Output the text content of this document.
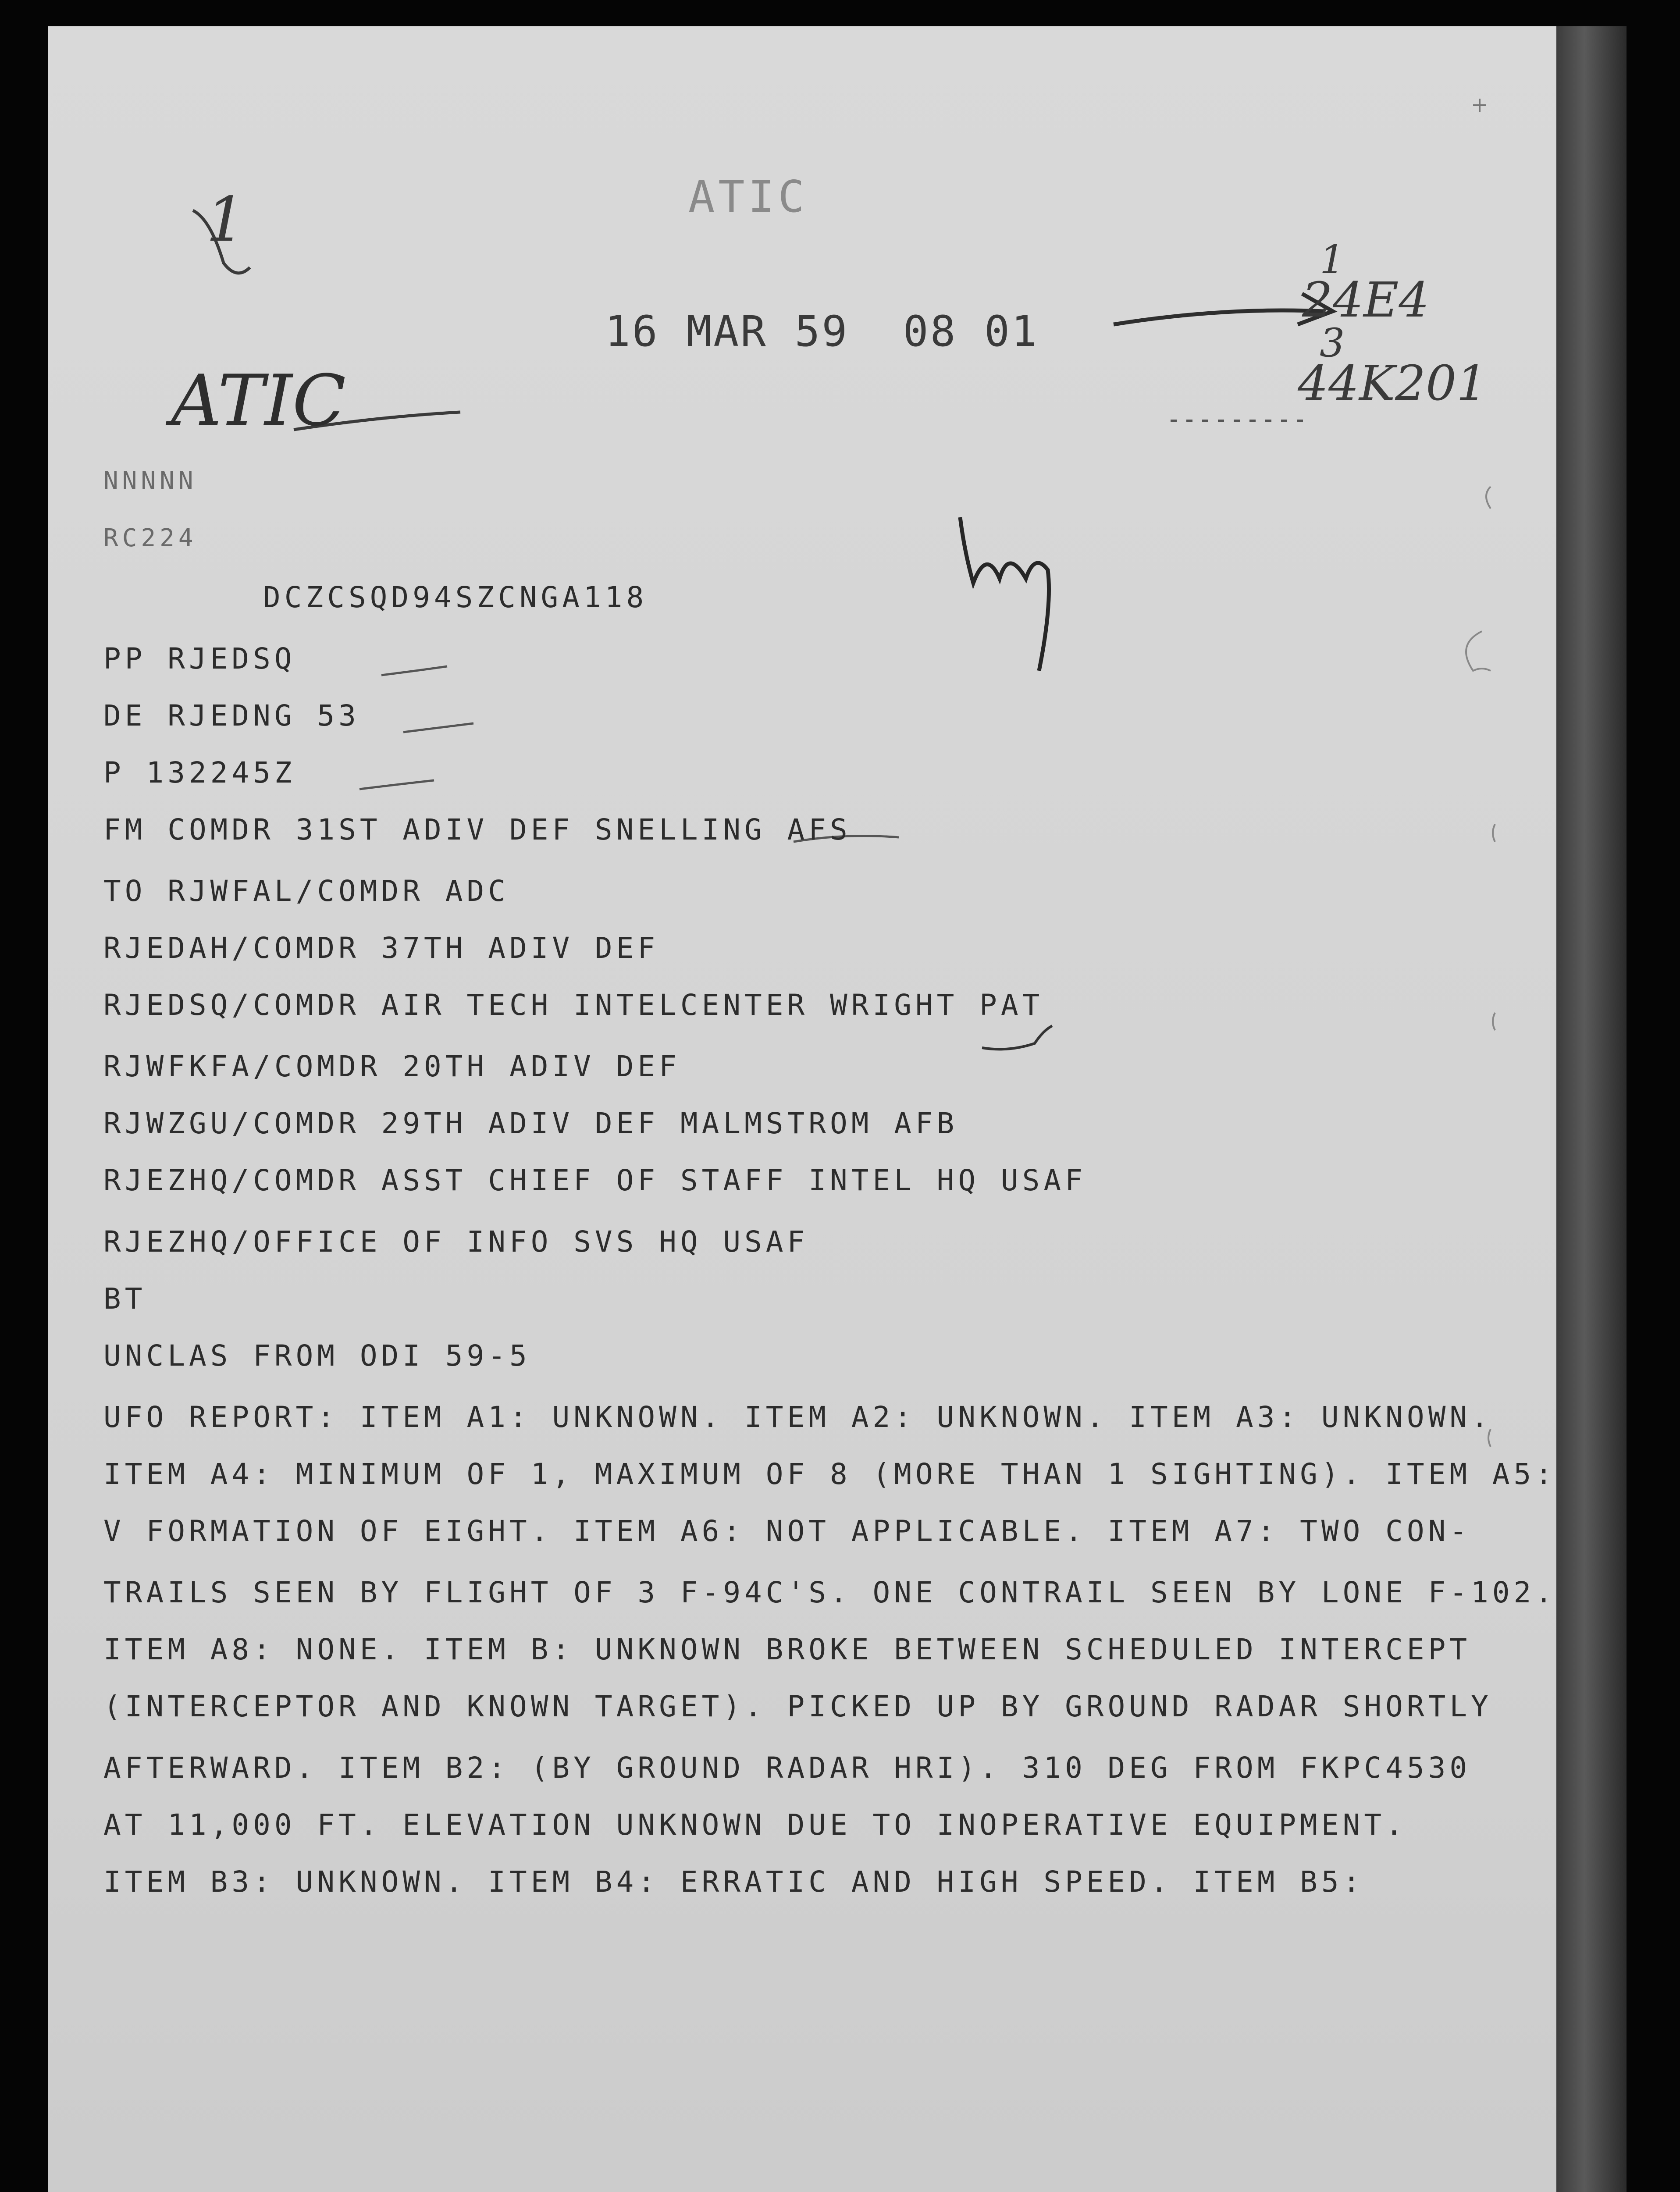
1	ATIC
16 MAR 59  08 01
1
24E4
3
44K201
ATIC
NNNNN
RC224
DCZCSQD94SZCNGA118
PP RJEDSQ
DE RJEDNG 53
P 132245Z
FM COMDR 31ST ADIV DEF SNELLING AFS
TO RJWFAL/COMDR ADC
RJEDAH/COMDR 37TH ADIV DEF
RJEDSQ/COMDR AIR TECH INTELCENTER WRIGHT PAT
RJWFKFA/COMDR 20TH ADIV DEF
RJWZGU/COMDR 29TH ADIV DEF MALMSTROM AFB
RJEZHQ/COMDR ASST CHIEF OF STAFF INTEL HQ USAF
RJEZHQ/OFFICE OF INFO SVS HQ USAF
BT
UNCLAS FROM ODI 59-5
UFO REPORT: ITEM A1: UNKNOWN. ITEM A2: UNKNOWN. ITEM A3: UNKNOWN.
ITEM A4: MINIMUM OF 1, MAXIMUM OF 8 (MORE THAN 1 SIGHTING). ITEM A5:
V FORMATION OF EIGHT. ITEM A6: NOT APPLICABLE. ITEM A7: TWO CON-
TRAILS SEEN BY FLIGHT OF 3 F-94C'S. ONE CONTRAIL SEEN BY LONE F-102.
ITEM A8: NONE. ITEM B: UNKNOWN BROKE BETWEEN SCHEDULED INTERCEPT
(INTERCEPTOR AND KNOWN TARGET). PICKED UP BY GROUND RADAR SHORTLY
AFTERWARD. ITEM B2: (BY GROUND RADAR HRI). 310 DEG FROM FKPC4530
AT 11,000 FT. ELEVATION UNKNOWN DUE TO INOPERATIVE EQUIPMENT.
ITEM B3: UNKNOWN. ITEM B4: ERRATIC AND HIGH SPEED. ITEM B5:
